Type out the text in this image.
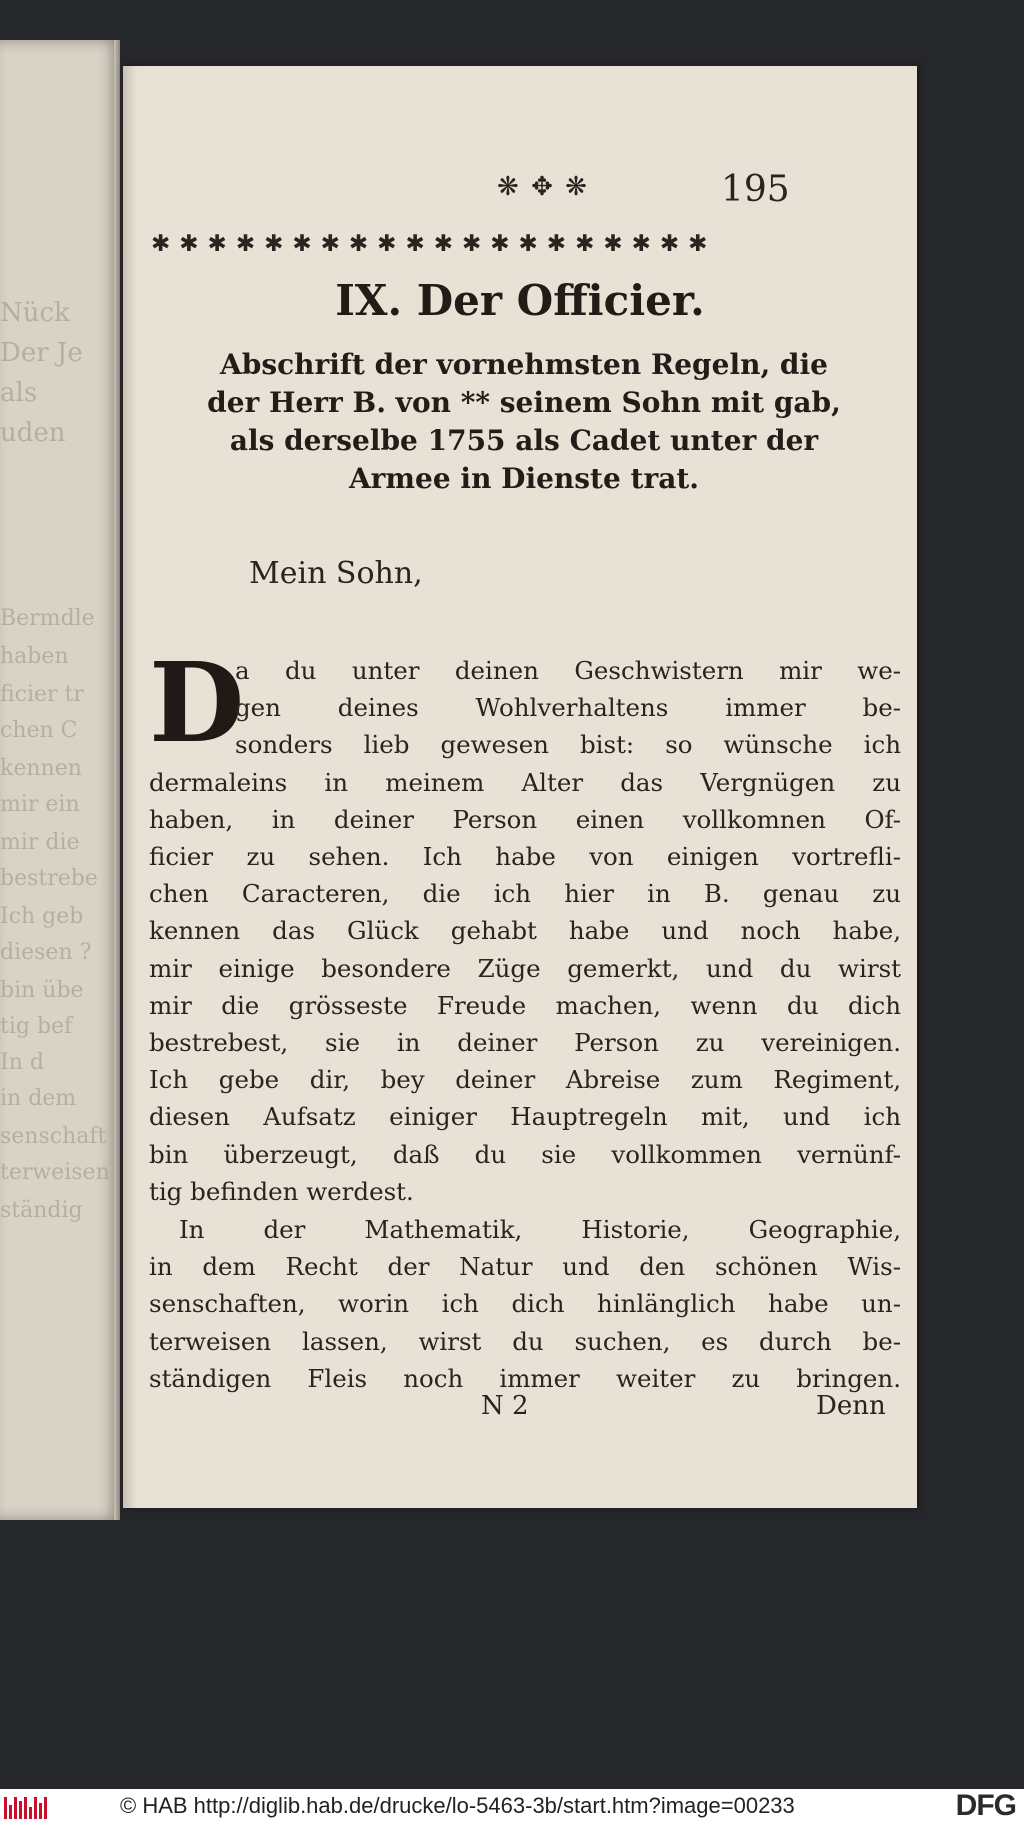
Nück
Der Je
als
uden
Bermdle
haben
ficier tr
chen C
kennen
mir ein
mir die
bestrebe
Ich geb
diesen ?
bin übe
tig bef
In d
in dem
senschaft
terweisen
ständig
❋ ✥ ❋	195
✱✱✱✱✱✱✱✱✱✱✱✱✱✱✱✱✱✱✱✱
IX. Der Officier.
Abschrift der vornehmsten Regeln, die
der Herr B. von ** seinem Sohn mit gab,
als derselbe 1755 als Cadet unter der
Armee in Dienste trat.
Mein Sohn,
D
a du unter deinen Geschwistern mir we-
gen deines Wohlverhaltens immer be-
sonders lieb gewesen bist: so wünsche ich
dermaleins in meinem Alter das Vergnügen zu
haben, in deiner Person einen vollkomnen Of-
ficier zu sehen. Ich habe von einigen vortrefli-
chen Caracteren, die ich hier in B. genau zu
kennen das Glück gehabt habe und noch habe,
mir einige besondere Züge gemerkt, und du wirst
mir die grösseste Freude machen, wenn du dich
bestrebest, sie in deiner Person zu vereinigen.
Ich gebe dir, bey deiner Abreise zum Regiment,
diesen Aufsatz einiger Hauptregeln mit, und ich
bin überzeugt, daß du sie vollkommen vernünf-
tig befinden werdest.
In der Mathematik, Historie, Geographie,
in dem Recht der Natur und den schönen Wis-
senschaften, worin ich dich hinlänglich habe un-
terweisen lassen, wirst du suchen, es durch be-
ständigen Fleis noch immer weiter zu bringen.
N 2	Denn
© HAB http://diglib.hab.de/drucke/lo-5463-3b/start.htm?image=00233	DFG
